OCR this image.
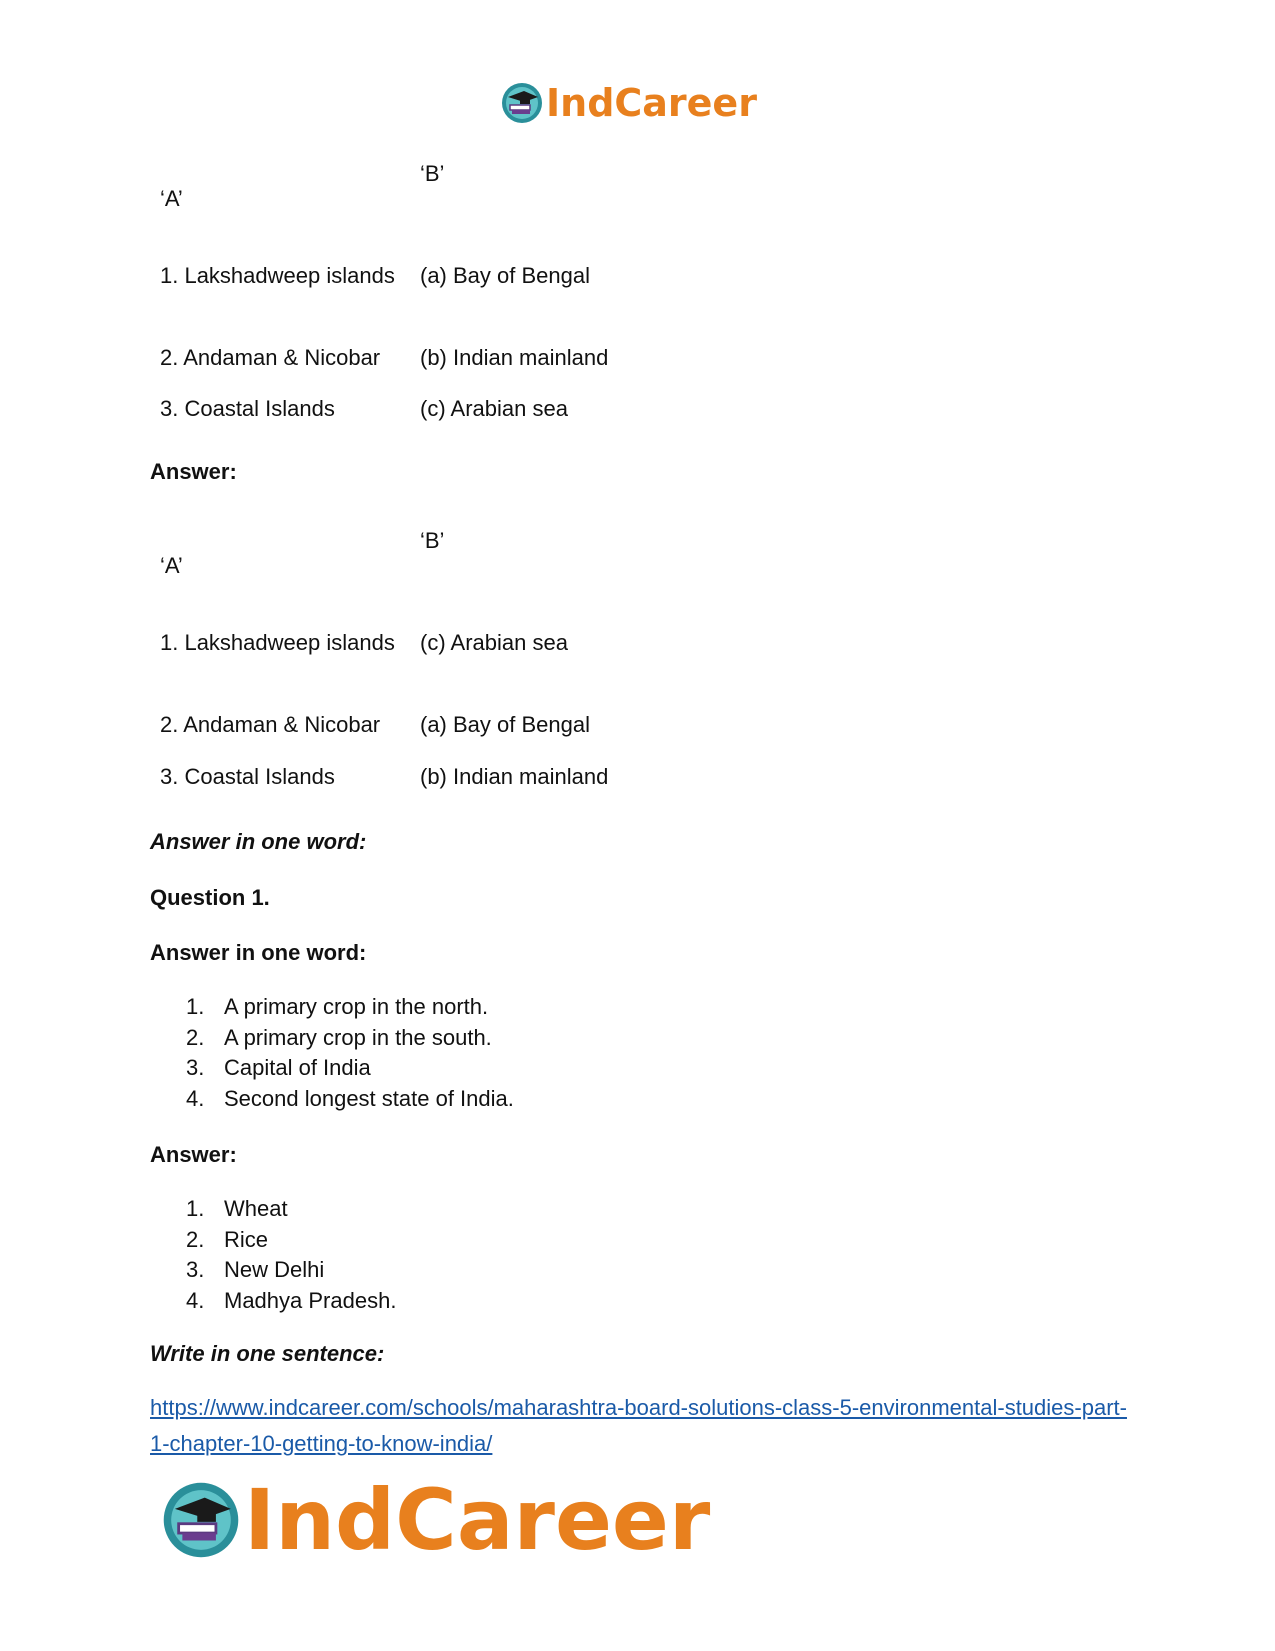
IndCareer
‘B’
‘A’
1. Lakshadweep islands (a) Bay of Bengal
2. Andaman & Nicobar (b) Indian mainland
3. Coastal Islands	(c) Arabian sea
Answer:
‘B’
‘A’
1. Lakshadweep islands (c) Arabian sea
2. Andaman & Nicobar (a) Bay of Bengal
3. Coastal Islands	(b) Indian mainland
Answer in one word:
Question 1.
Answer in one word:
1. A primary crop in the north.
2. A primary crop in the south.
3. Capital of India
4. Second longest state of India.
Answer:
1. Wheat
2. Rice
3. New Delhi
4. Madhya Pradesh.
Write in one sentence:
https://www.indcareer.com/schools/maharashtra-board-solutions-class-5-environmental-studies-part-1-chapter-10-getting-to-know-india/
IndCareer
